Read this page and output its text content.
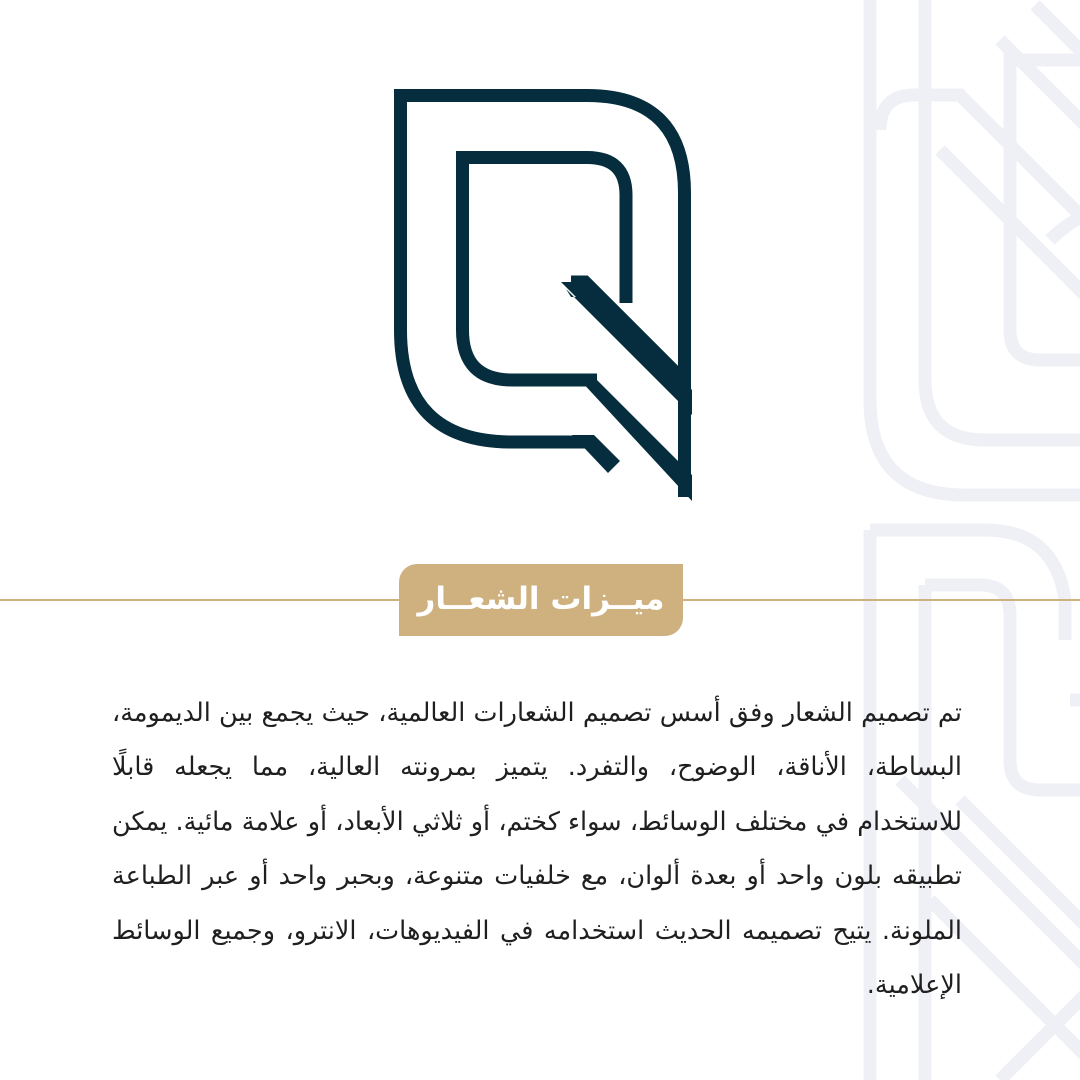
ميــزات الشعــار

تم تصميم الشعار وفق أسس تصميم الشعارات العالمية، حيث يجمع بين الديمومة، البساطة، الأناقة، الوضوح، والتفرد. يتميز بمرونته العالية، مما يجعله قابلًا للاستخدام في مختلف الوسائط، سواء كختم، أو ثلاثي الأبعاد، أو علامة مائية. يمكن تطبيقه بلون واحد أو بعدة ألوان، مع خلفيات متنوعة، وبحبر واحد أو عبر الطباعة الملونة. يتيح تصميمه الحديث استخدامه في الفيديوهات، الانترو، وجميع الوسائط الإعلامية.
